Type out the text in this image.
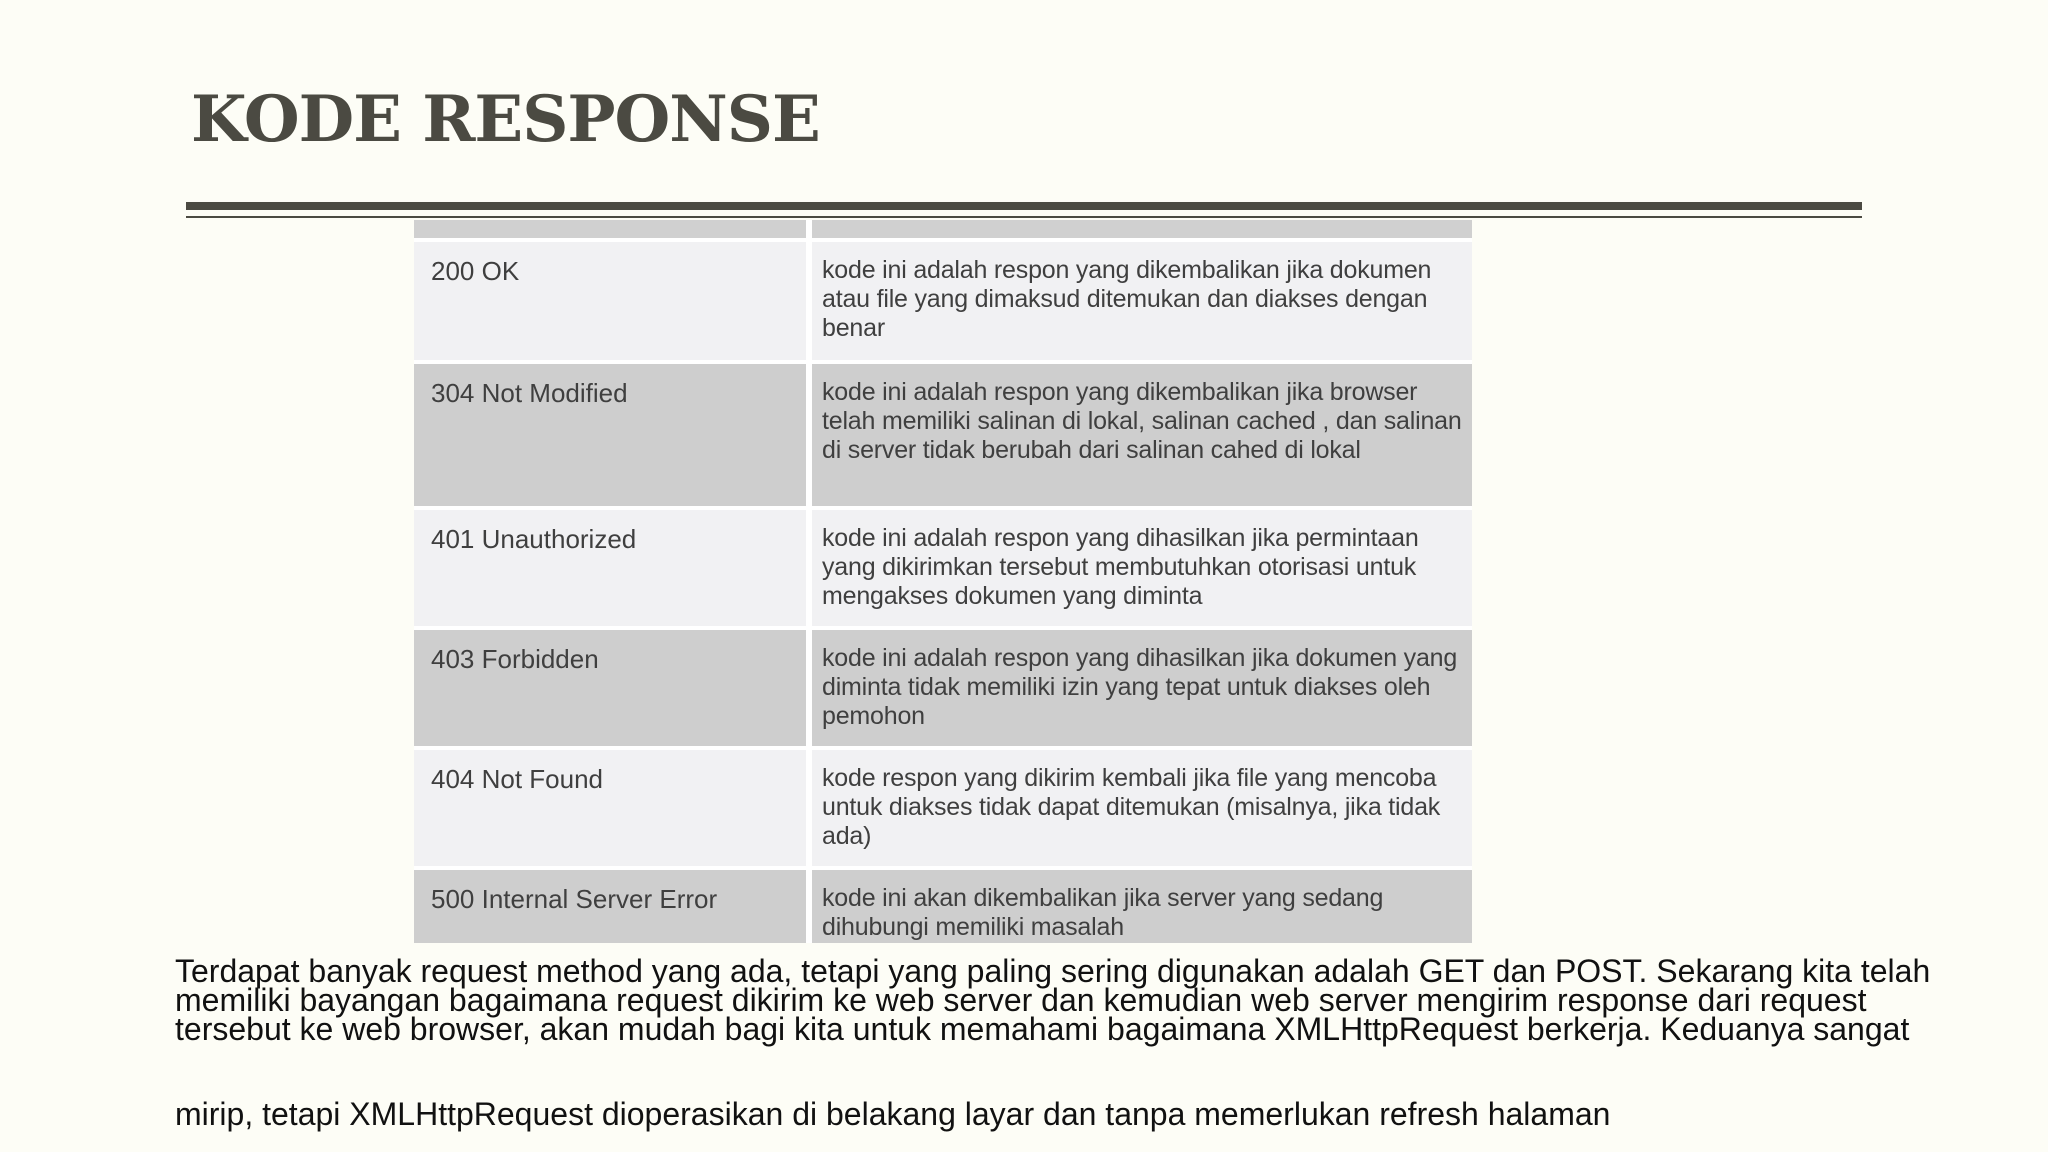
KODE RESPONSE
200 OK	kode ini adalah respon yang dikembalikan jika dokumen atau file yang dimaksud ditemukan dan diakses dengan benar
304 Not Modified	kode ini adalah respon yang dikembalikan jika browser telah memiliki salinan di lokal, salinan cached , dan salinan di server tidak berubah dari salinan cahed di lokal
401 Unauthorized	kode ini adalah respon yang dihasilkan jika permintaan yang dikirimkan tersebut membutuhkan otorisasi untuk mengakses dokumen yang diminta
403 Forbidden	kode ini adalah respon yang dihasilkan jika dokumen yang diminta tidak memiliki izin yang tepat untuk diakses oleh pemohon
404 Not Found	kode respon yang dikirim kembali jika file yang mencoba untuk diakses tidak dapat ditemukan (misalnya, jika tidak ada)
500 Internal Server Error	kode ini akan dikembalikan jika server yang sedang dihubungi memiliki masalah
Terdapat banyak request method yang ada, tetapi yang paling sering digunakan adalah GET dan POST. Sekarang kita telah memiliki bayangan bagaimana request dikirim ke web server dan kemudian web server mengirim response dari request tersebut ke web browser, akan mudah bagi kita untuk memahami bagaimana XMLHttpRequest berkerja. Keduanya sangat
mirip, tetapi XMLHttpRequest dioperasikan di belakang layar dan tanpa memerlukan refresh halaman
